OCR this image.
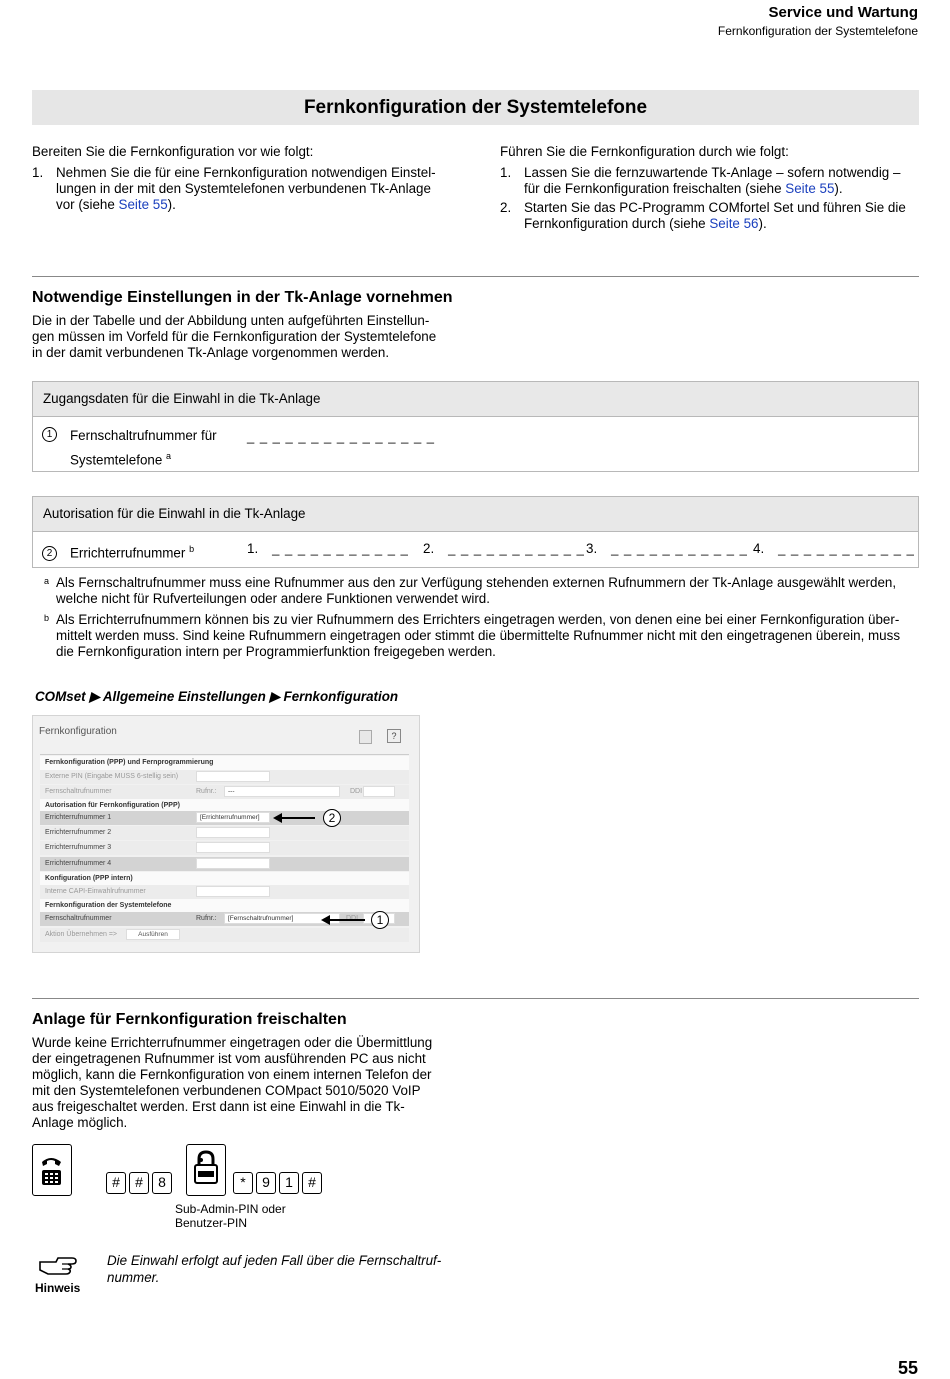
Service und Wartung
Fernkonfiguration der Systemtelefone
Fernkonfiguration der Systemtelefone
Bereiten Sie die Fernkonfiguration vor wie folgt:
1. Nehmen Sie die für eine Fernkonfiguration notwendigen Einstel-
lungen in der mit den Systemtelefonen verbundenen Tk-Anlage
vor (siehe Seite 55).
Führen Sie die Fernkonfiguration durch wie folgt:
1. Lassen Sie die fernzuwartende Tk-Anlage – sofern notwendig –
für die Fernkonfiguration freischalten (siehe Seite 55).
2. Starten Sie das PC-Programm COMfortel Set und führen Sie die
Fernkonfiguration durch (siehe Seite 56).
Notwendige Einstellungen in der Tk-Anlage vornehmen
Die in der Tabelle und der Abbildung unten aufgeführten Einstellun-
gen müssen im Vorfeld für die Fernkonfiguration der Systemtelefone
in der damit verbundenen Tk-Anlage vorgenommen werden.
Zugangsdaten für die Einwahl in die Tk-Anlage
1	Fernschaltrufnummer für
Systemtelefone $^a$
_ _ _ _ _ _ _ _ _ _ _ _ _ _ _
Autorisation für die Einwahl in die Tk-Anlage
2	Errichterrufnummer $^b$	1. _ _ _ _ _ _ _ _ _ _ _ 2. _ _ _ _ _ _ _ _ _ _ _ 3. _ _ _ _ _ _ _ _ _ _ _ 4. _ _ _ _ _ _ _ _ _ _ _
a Als Fernschaltrufnummer muss eine Rufnummer aus den zur Verfügung stehenden externen Rufnummern der Tk-Anlage ausgewählt werden,
welche nicht für Rufverteilungen oder andere Funktionen verwendet wird.
b Als Errichterrufnummern können bis zu vier Rufnummern des Errichters eingetragen werden, von denen eine bei einer Fernkonfiguration über-
mittelt werden muss. Sind keine Rufnummern eingetragen oder stimmt die übermittelte Rufnummer nicht mit den eingetragenen überein, muss
die Fernkonfiguration intern per Programmierfunktion freigegeben werden.
COMset ▶ Allgemeine Einstellungen ▶ Fernkonfiguration
Fernkonfiguration	?
Fernkonfiguration (PPP) und Fernprogrammierung
Externe PIN (Eingabe MUSS 6-stellig sein)
Fernschaltrufnummer	Rufnr.:	---	DDI
Autorisation für Fernkonfiguration (PPP)
Errichterrufnummer 1	[Errichterrufnummer]
Errichterrufnummer 2
Errichterrufnummer 3
Errichterrufnummer 4
Konfiguration (PPP intern)
Interne CAPI-Einwahlrufnummer
Fernkonfiguration der Systemtelefone
Fernschaltrufnummer	Rufnr.:	[Fernschaltrufnummer]
Aktion Übernehmen =>	Ausführen
2
1
Anlage für Fernkonfiguration freischalten
Wurde keine Errichterrufnummer eingetragen oder die Übermittlung
der eingetragenen Rufnummer ist vom ausführenden PC aus nicht
möglich, kann die Fernkonfiguration von einem internen Telefon der
mit den Systemtelefonen verbundenen COMpact 5010/5020 VoIP
aus freigeschaltet werden. Erst dann ist eine Einwahl in die Tk-
Anlage möglich.
# # 8	* 9 1 #
Sub-Admin-PIN oder
Benutzer-PIN
Hinweis
Die Einwahl erfolgt auf jeden Fall über die Fernschaltruf-
nummer.
55
